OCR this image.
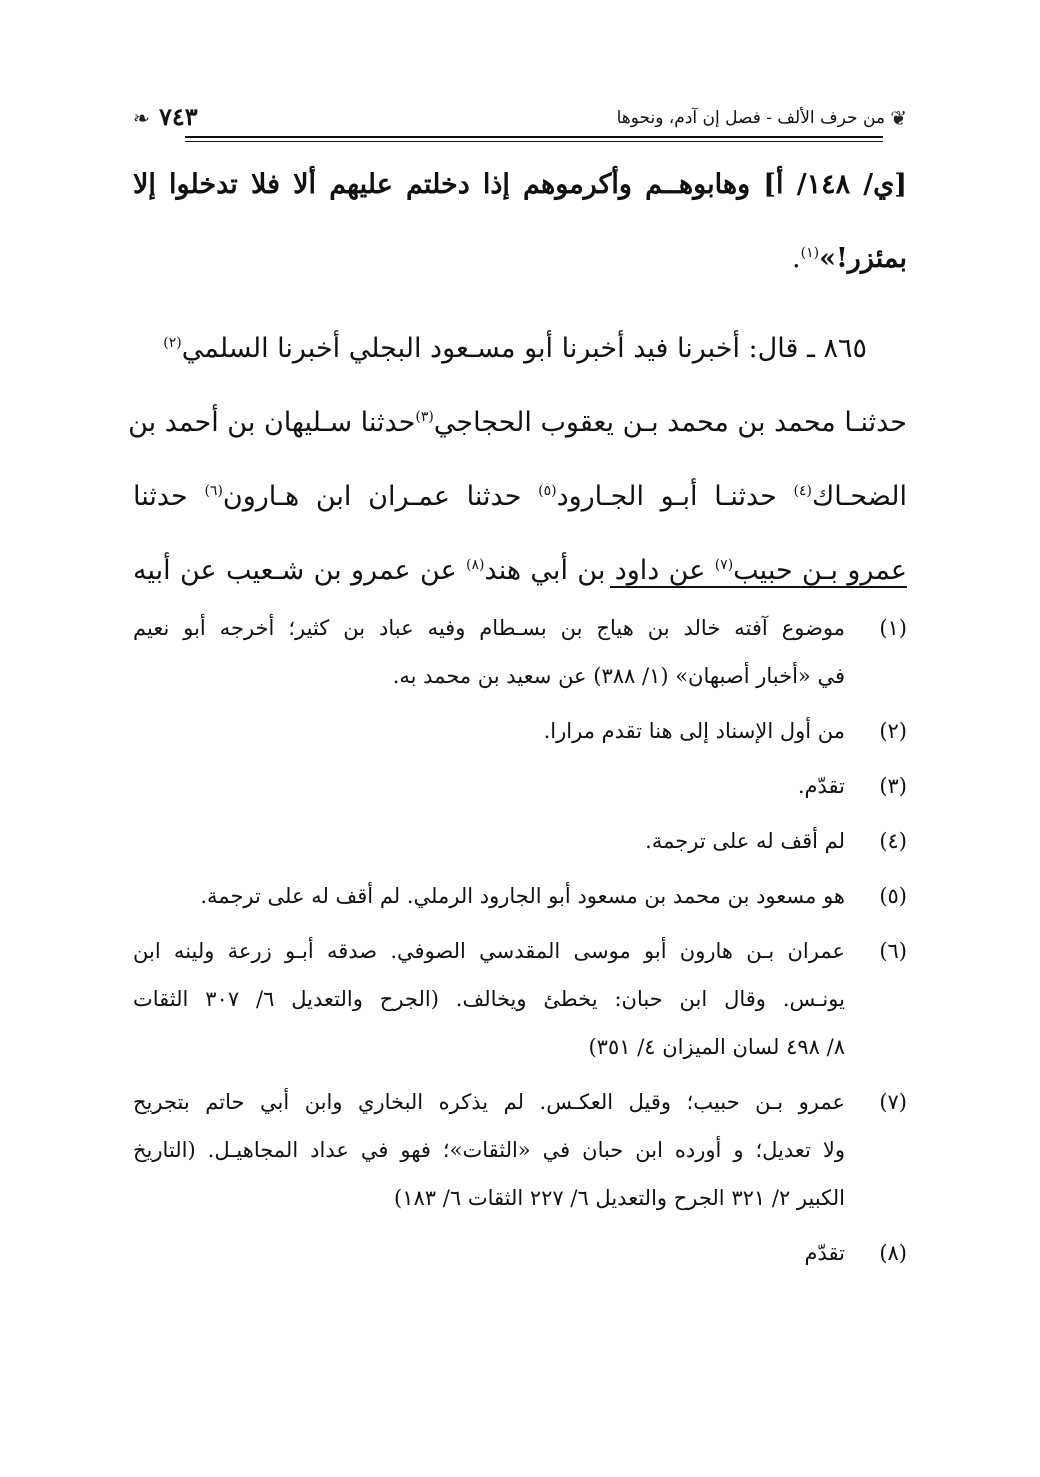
❦
من حرف الألف - فصل إن آدم، ونحوها
٧٤٣
❧
[ي/ ١٤٨/ أ] وهابوهــم وأكرموهم إذا دخلتم عليهم ألا فلا تدخلوا إلا
بمئزر!»$^{(١)}$.
٨٦٥ ـ قال: أخبرنا فيد أخبرنا أبو مسـعود البجلي أخبرنا السلمي$^{(٢)}$
حدثنـا محمد بن محمد بـن يعقوب الحجاجي$^{(٣)}$حدثنا سـليهان بن أحمد بن
الضحـاك$^{(٤)}$ حدثنـا أبـو الجـارود$^{(٥)}$ حدثنا عمـران ابن هـارون$^{(٦)}$ حدثنا
عمرو بـن حبيب$^{(٧)}$ عن داود بن أبي هند$^{(٨)}$ عن عمرو بن شـعيب عن أبيه
(١)
موضوع آفته خالد بن هياج بن بسـطام وفيه عباد بن كثير؛ أخرجه أبو نعيم
في «أخبار أصبهان» (١/ ٣٨٨) عن سعيد بن محمد به.
(٢)
من أول الإسناد إلى هنا تقدم مرارا.
(٣)
تقدّم.
(٤)
لم أقف له على ترجمة.
(٥)
هو مسعود بن محمد بن مسعود أبو الجارود الرملي. لم أقف له على ترجمة.
(٦)
عمران بـن هارون أبو موسى المقدسي الصوفي. صدقه أبـو زرعة ولينه ابن
يونـس. وقال ابن حبان: يخطئ ويخالف. (الجرح والتعديل ٦/ ٣٠٧ الثقات
٨/ ٤٩٨ لسان الميزان ٤/ ٣٥١)
(٧)
عمرو بـن حبيب؛ وقيل العكـس. لم يذكره البخاري وابن أبي حاتم بتجريح
ولا تعديل؛ و أورده ابن حبان في «الثقات»؛ فهو في عداد المجاهيـل. (التاريخ
الكبير ٢/ ٣٢١ الجرح والتعديل ٦/ ٢٢٧ الثقات ٦/ ١٨٣)
(٨)
تقدّم
